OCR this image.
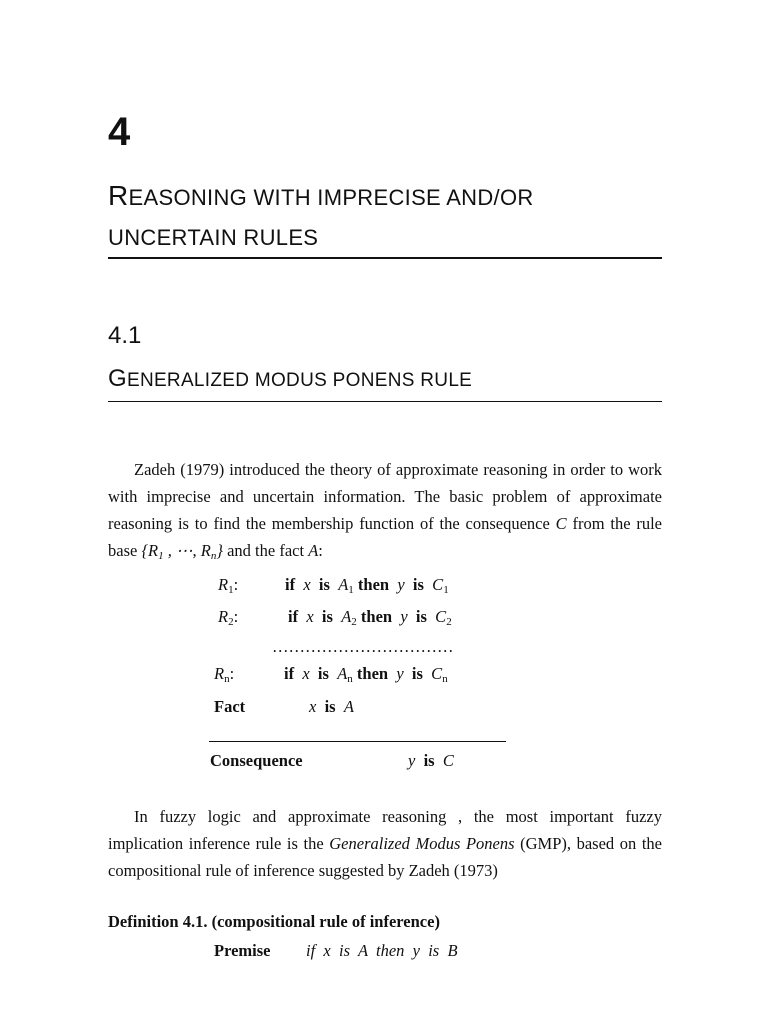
4
REASONING WITH IMPRECISE AND/OR
UNCERTAIN RULES
4.1
GENERALIZED MODUS PONENS RULE

Zadeh (1979) introduced the theory of approximate reasoning in order to work with imprecise and uncertain information. The basic problem of approximate reasoning is to find the membership function of the consequence C from the rule base {$R_1$ , ⋯, $R_n$} and the fact A:

$R_1$:	if x is $A_1$ then y is $C_1$
$R_2$:	if x is $A_2$ then y is $C_2$
……………………………
$R_n$:	if x is $A_n$ then y is $C_n$
Fact	x is A
Consequence	y is C

In fuzzy logic and approximate reasoning , the most important fuzzy implication inference rule is the Generalized Modus Ponens (GMP), based on the compositional rule of inference suggested by Zadeh (1973)

Definition 4.1. (compositional rule of inference)
Premise if  x  is  A  then  y  is  B
